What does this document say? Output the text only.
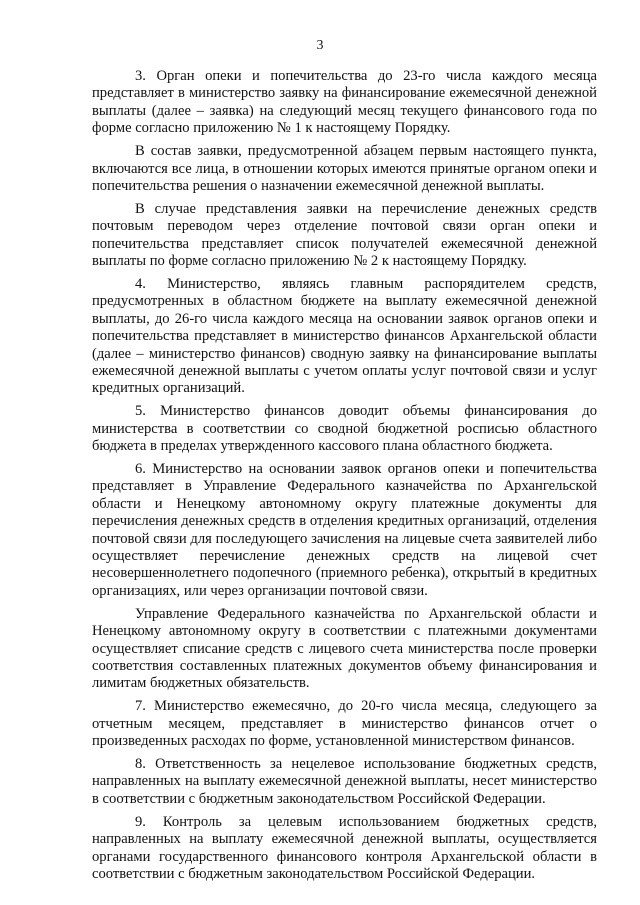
3

3. Орган опеки и попечительства до 23-го числа каждого месяца представляет в министерство заявку на финансирование ежемесячной денежной выплаты (далее – заявка) на следующий месяц текущего финансового года по форме согласно приложению № 1 к настоящему Порядку.

В состав заявки, предусмотренной абзацем первым настоящего пункта, включаются все лица, в отношении которых имеются принятые органом опеки и попечительства решения о назначении ежемесячной денежной выплаты.

В случае представления заявки на перечисление денежных средств почтовым переводом через отделение почтовой связи орган опеки и попечительства представляет список получателей ежемесячной денежной выплаты по форме согласно приложению № 2 к настоящему Порядку.

4. Министерство, являясь главным распорядителем средств, предусмотренных в областном бюджете на выплату ежемесячной денежной выплаты, до 26-го числа каждого месяца на основании заявок органов опеки и попечительства представляет в министерство финансов Архангельской области (далее – министерство финансов) сводную заявку на финансирование выплаты ежемесячной денежной выплаты с учетом оплаты услуг почтовой связи и услуг кредитных организаций.

5. Министерство финансов доводит объемы финансирования до министерства в соответствии со сводной бюджетной росписью областного бюджета в пределах утвержденного кассового плана областного бюджета.

6. Министерство на основании заявок органов опеки и попечительства представляет в Управление Федерального казначейства по Архангельской области и Ненецкому автономному округу платежные документы для перечисления денежных средств в отделения кредитных организаций, отделения почтовой связи для последующего зачисления на лицевые счета заявителей либо осуществляет перечисление денежных средств на лицевой счет несовершеннолетнего подопечного (приемного ребенка), открытый в кредитных организациях, или через организации почтовой связи.

Управление Федерального казначейства по Архангельской области и Ненецкому автономному округу в соответствии с платежными документами осуществляет списание средств с лицевого счета министерства после проверки соответствия составленных платежных документов объему финансирования и лимитам бюджетных обязательств.

7. Министерство ежемесячно, до 20-го числа месяца, следующего за отчетным месяцем, представляет в министерство финансов отчет о произведенных расходах по форме, установленной министерством финансов.

8. Ответственность за нецелевое использование бюджетных средств, направленных на выплату ежемесячной денежной выплаты, несет министерство в соответствии с бюджетным законодательством Российской Федерации.

9. Контроль за целевым использованием бюджетных средств, направленных на выплату ежемесячной денежной выплаты, осуществляется органами государственного финансового контроля Архангельской области в соответствии с бюджетным законодательством Российской Федерации.
